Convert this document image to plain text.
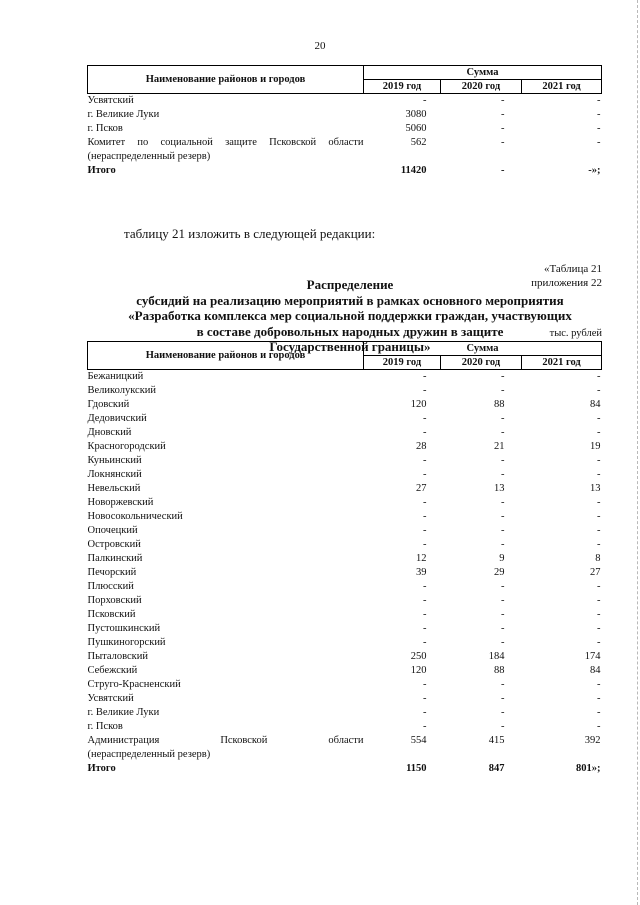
20
Наименование районов и городов	Сумма		
	2019 год	2020 год	2021 год
Усвятский	-	-	-
г. Великие Луки	3080	-	-
г. Псков	5060	-	-

Комитет по социальной защите Псковской области
(нераспределенный резерв)	562	-	-
Итого	11420	-	-»;
таблицу 21 изложить в следующей редакции:
«Таблица 21
приложения 22
Распределение
субсидий на реализацию мероприятий в рамках основного мероприятия
«Разработка комплекса мер социальной поддержки граждан, участвующих
в составе добровольных народных дружин в защите
Государственной границы»
тыс. рублей
Наименование районов и городов	Сумма		
	2019 год	2020 год	2021 год
Бежаницкий	-	-	-
Великолукский	-	-	-
Гдовский	120	88	84
Дедовичский	-	-	-
Дновский	-	-	-
Красногородский	28	21	19
Куньинский	-	-	-
Локнянский	-	-	-
Невельский	27	13	13
Новоржевский	-	-	-
Новосокольнический	-	-	-
Опочецкий	-	-	-
Островский	-	-	-
Палкинский	12	9	8
Печорский	39	29	27
Плюсский	-	-	-
Порховский	-	-	-
Псковский	-	-	-
Пустошкинский	-	-	-
Пушкиногорский	-	-	-
Пыталовский	250	184	174
Себежский	120	88	84
Струго-Красненский	-	-	-
Усвятский	-	-	-
г. Великие Луки	-	-	-
г. Псков	-	-	-

Администрация Псковской области
(нераспределенный резерв)	554	415	392
Итого	1150	847	801»;
